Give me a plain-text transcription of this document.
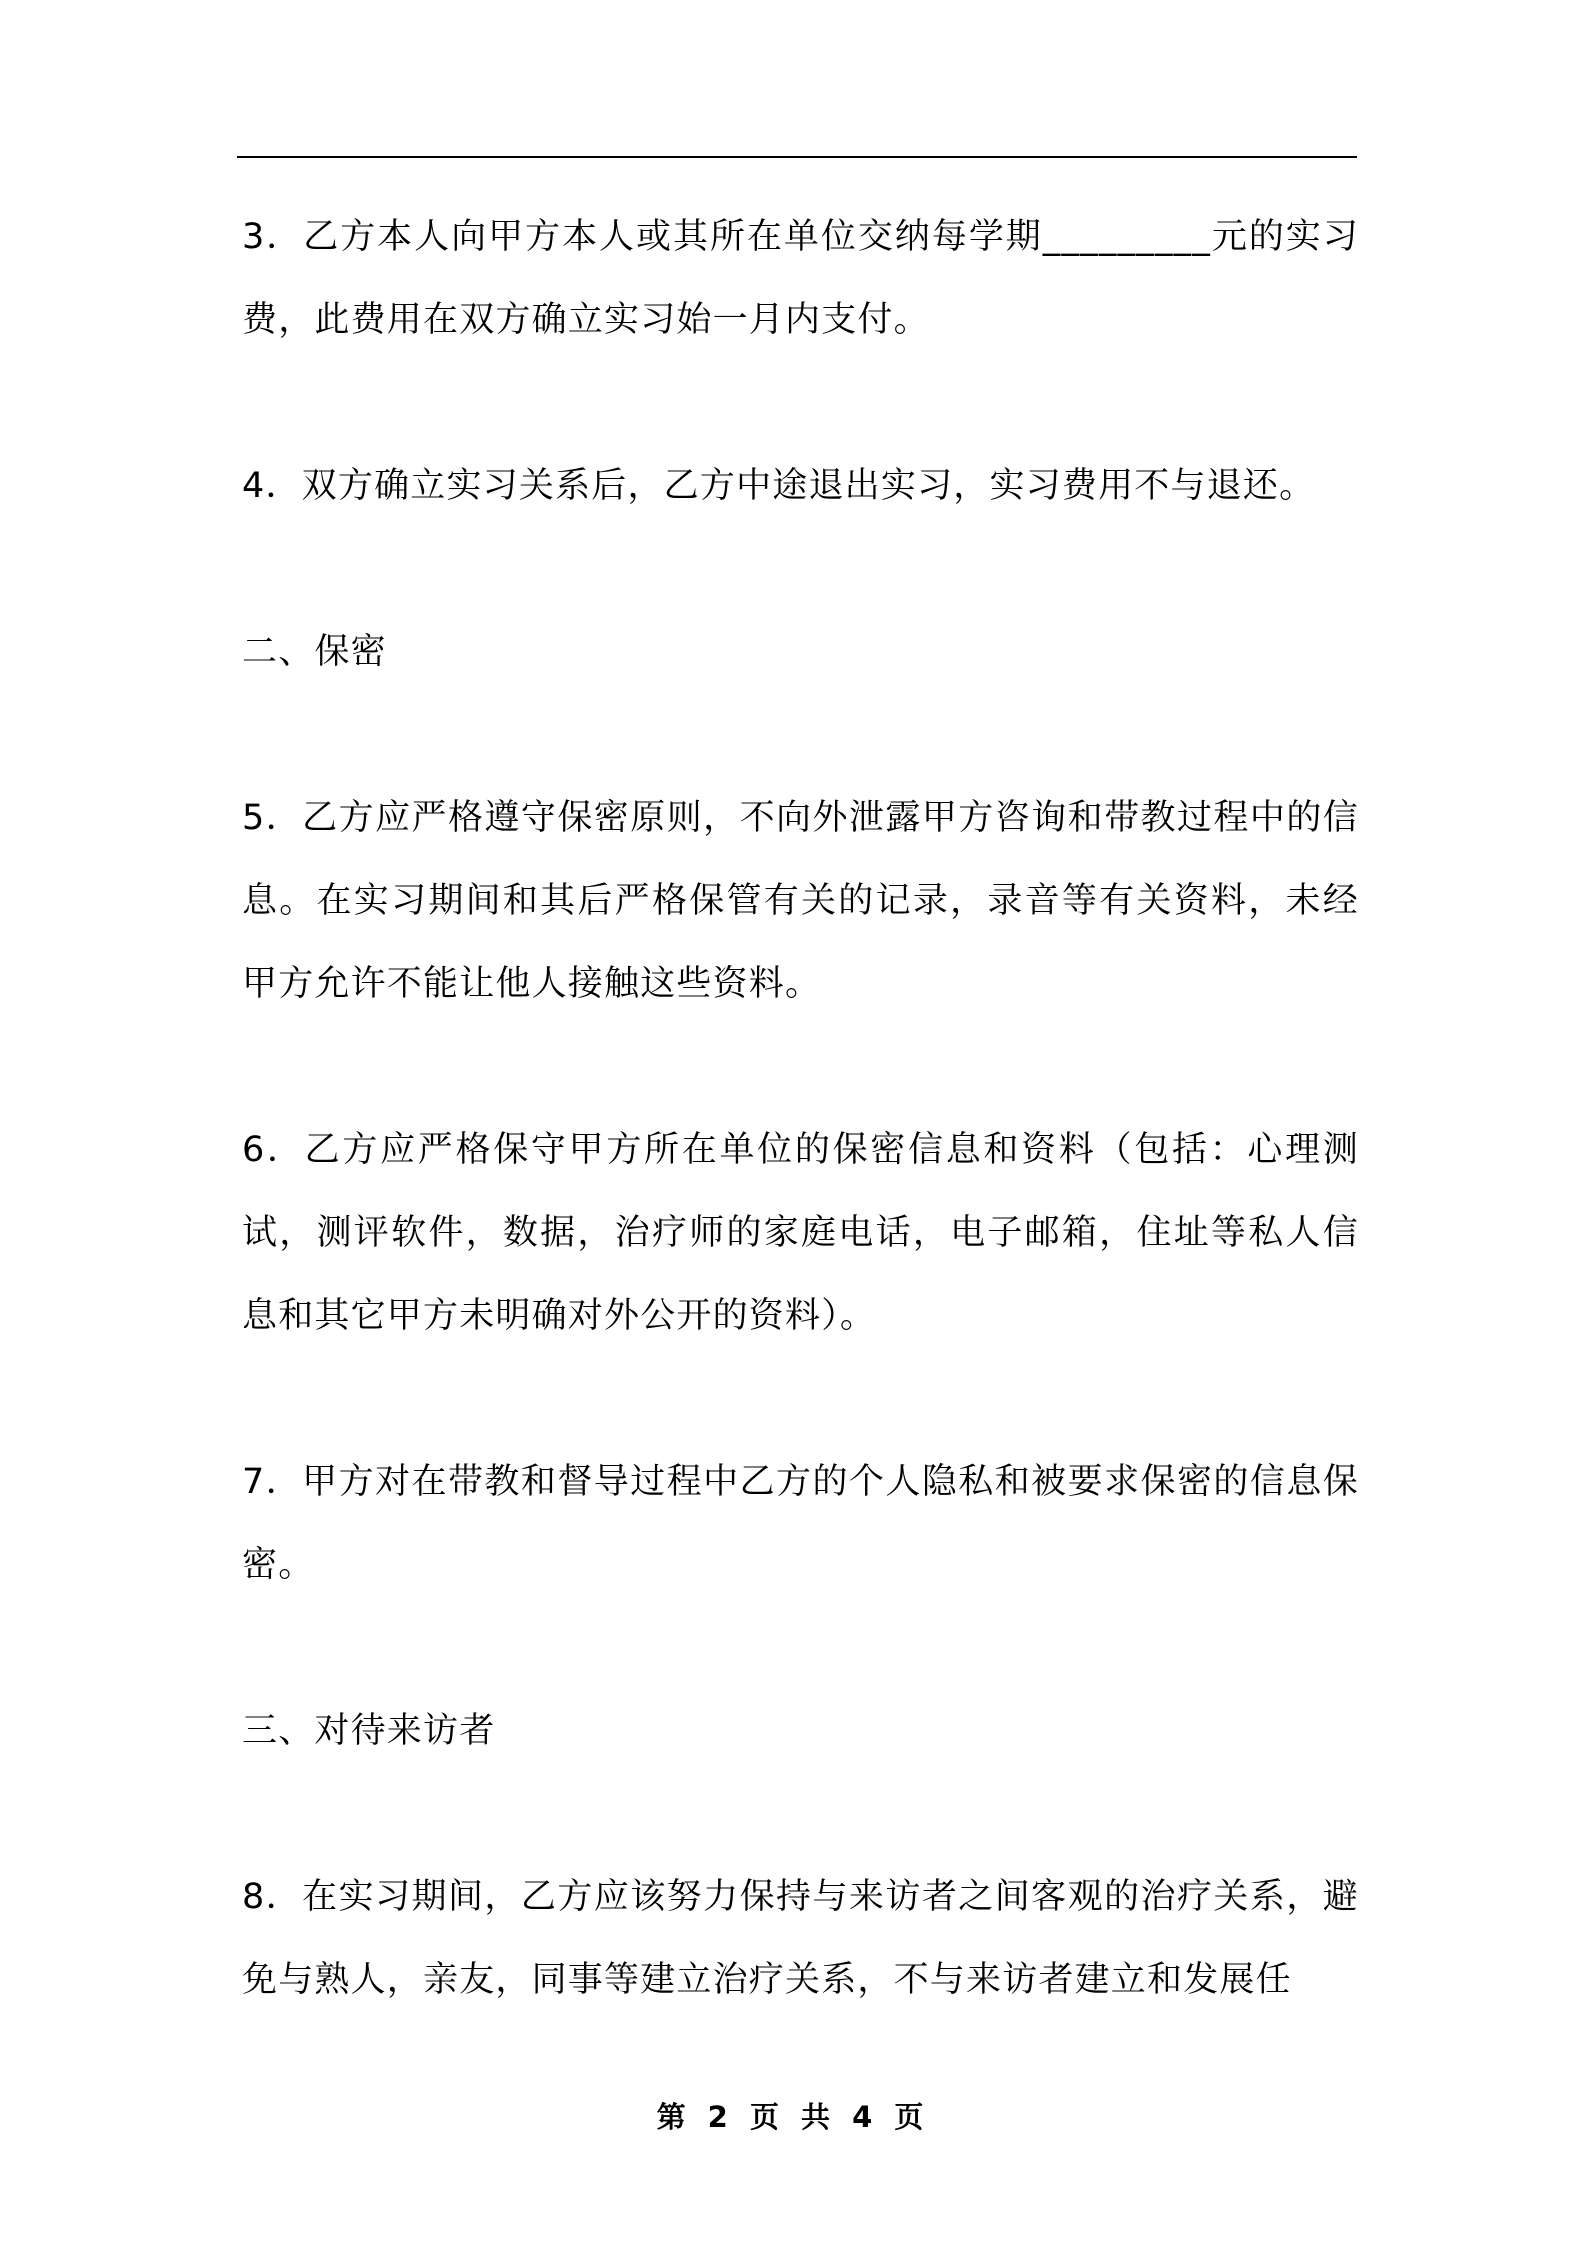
3．乙方本人向甲方本人或其所在单位交纳每学期_________元的实习费，此费用在双方确立实习始一月内支付。

4．双方确立实习关系后，乙方中途退出实习，实习费用不与退还。

二、保密

5．乙方应严格遵守保密原则，不向外泄露甲方咨询和带教过程中的信息。在实习期间和其后严格保管有关的记录，录音等有关资料，未经甲方允许不能让他人接触这些资料。

6．乙方应严格保守甲方所在单位的保密信息和资料（包括：心理测试，测评软件，数据，治疗师的家庭电话，电子邮箱，住址等私人信息和其它甲方未明确对外公开的资料）。

7．甲方对在带教和督导过程中乙方的个人隐私和被要求保密的信息保密。

三、对待来访者

8．在实习期间，乙方应该努力保持与来访者之间客观的治疗关系，避免与熟人，亲友，同事等建立治疗关系，不与来访者建立和发展任

第 2 页 共 4 页
